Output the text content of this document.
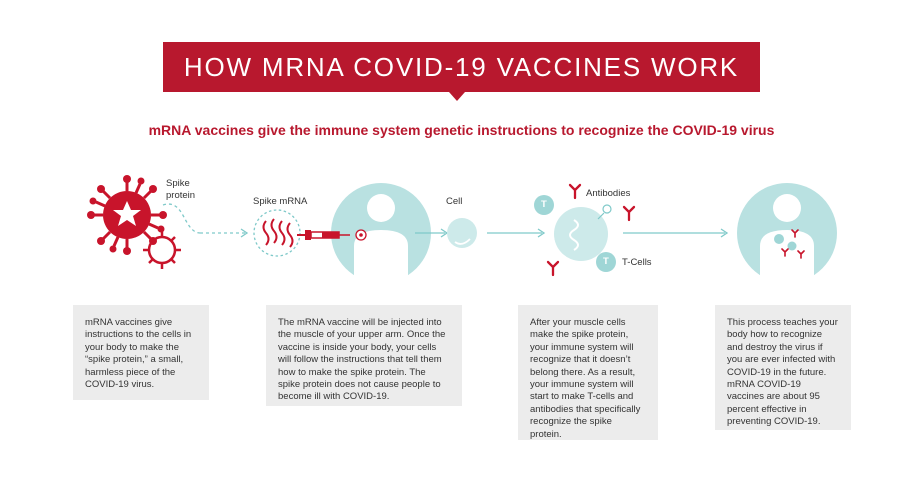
HOW MRNA COVID-19 VACCINES WORK
mRNA vaccines give the immune system genetic instructions to recognize the COVID-19 virus
Spike
protein
Spike mRNA	Cell
Antibodies
T-Cells
T
T
mRNA vaccines give instructions to the cells in your body to make the “spike protein,” a small, harmless piece of the COVID-19 virus.
The mRNA vaccine will be injected into the muscle of your upper arm. Once the vaccine is inside your body, your cells will follow the instructions that tell them how to make the spike protein. The spike protein does not cause people to become ill with COVID-19.
After your muscle cells make the spike protein, your immune system will recognize that it doesn’t belong there. As a result, your immune system will start to make T-cells and antibodies that specifically recognize the spike protein.
This process teaches your body how to recognize and destroy the virus if you are ever infected with COVID-19 in the future. mRNA COVID-19 vaccines are about 95 percent effective in preventing COVID-19.
